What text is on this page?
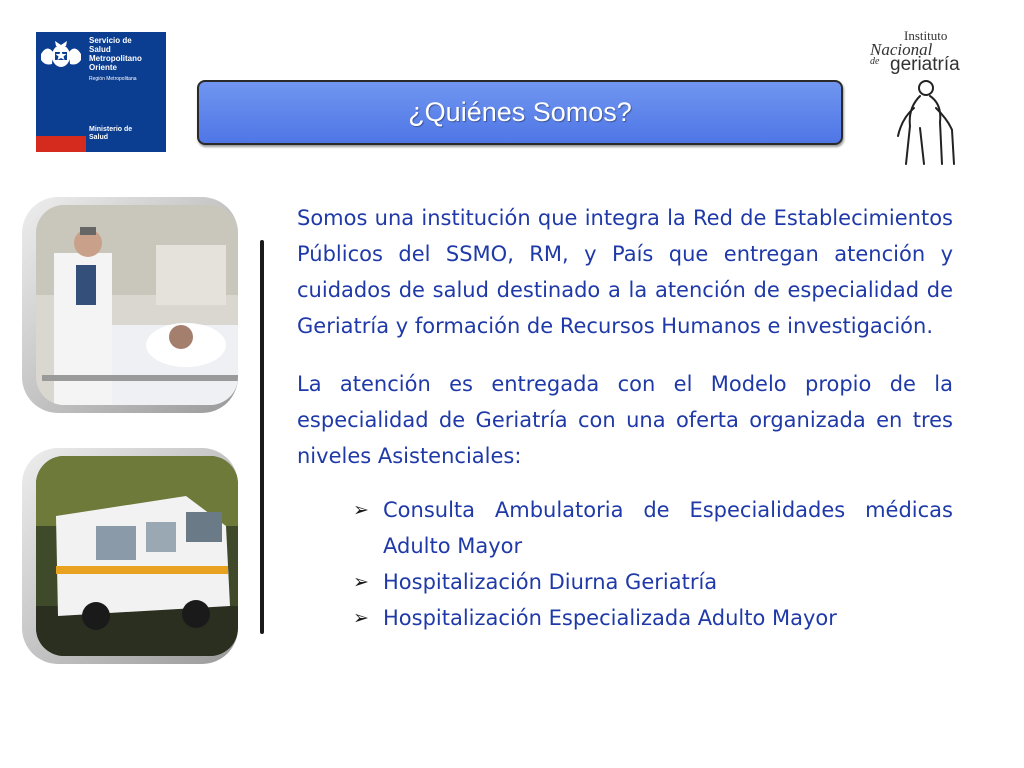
Servicio de
Salud
Metropolitano
Oriente
Región Metropolitana
Ministerio de
Salud
Instituto
Nacional
de geriatría
¿Quiénes Somos?

Somos una institución que integra la Red de Establecimientos Públicos del SSMO, RM, y País que entregan atención y cuidados de salud destinado a la atención de especialidad de Geriatría y formación de Recursos Humanos e investigación.

La atención es entregada con el Modelo propio de la especialidad de Geriatría con una oferta organizada en tres niveles Asistenciales:

➢ Consulta Ambulatoria de Especialidades médicas Adulto Mayor
➢ Hospitalización Diurna Geriatría
➢ Hospitalización Especializada Adulto Mayor
